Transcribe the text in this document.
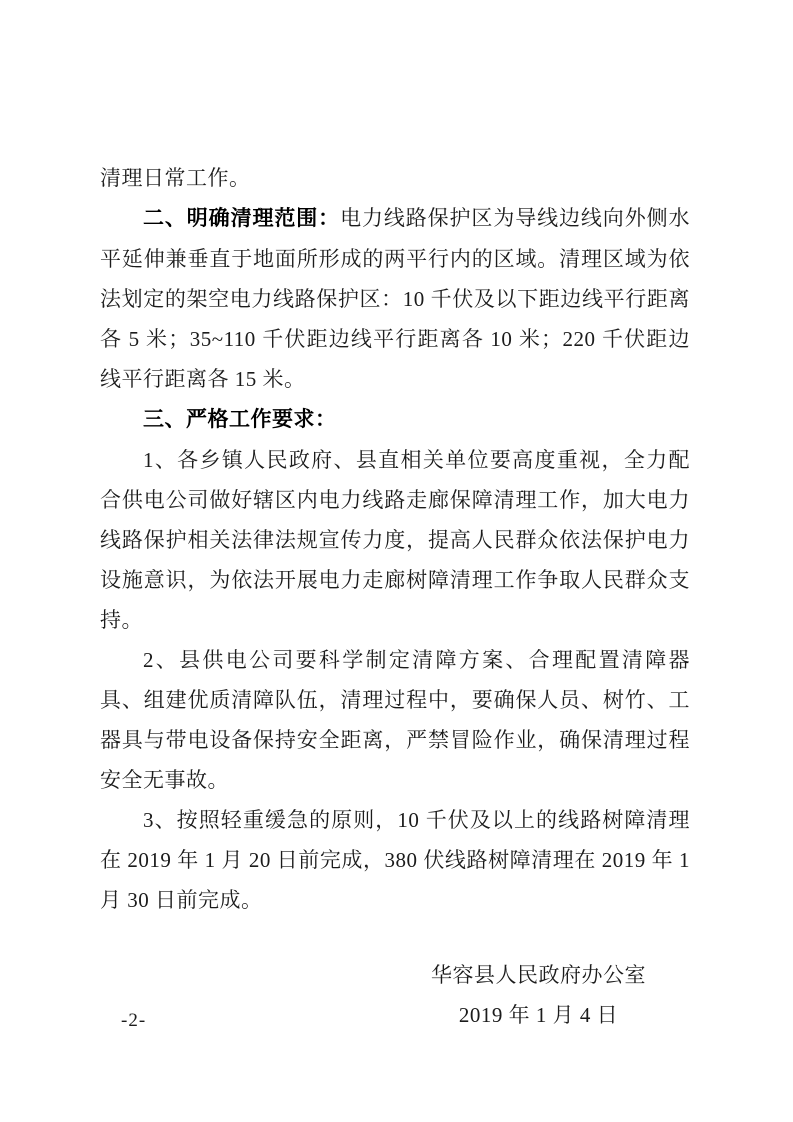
清理日常工作。

二、明确清理范围：电力线路保护区为导线边线向外侧水平延伸兼垂直于地面所形成的两平行内的区域。清理区域为依法划定的架空电力线路保护区：10 千伏及以下距边线平行距离各 5 米；35~110 千伏距边线平行距离各 10 米；220 千伏距边线平行距离各 15 米。

三、严格工作要求：

1、各乡镇人民政府、县直相关单位要高度重视，全力配合供电公司做好辖区内电力线路走廊保障清理工作，加大电力线路保护相关法律法规宣传力度，提高人民群众依法保护电力设施意识，为依法开展电力走廊树障清理工作争取人民群众支持。

2、县供电公司要科学制定清障方案、合理配置清障器具、组建优质清障队伍，清理过程中，要确保人员、树竹、工器具与带电设备保持安全距离，严禁冒险作业，确保清理过程安全无事故。

3、按照轻重缓急的原则，10 千伏及以上的线路树障清理在 2019 年 1 月 20 日前完成，380 伏线路树障清理在 2019 年 1 月 30 日前完成。

华容县人民政府办公室

2019 年 1 月 4 日

-2-
